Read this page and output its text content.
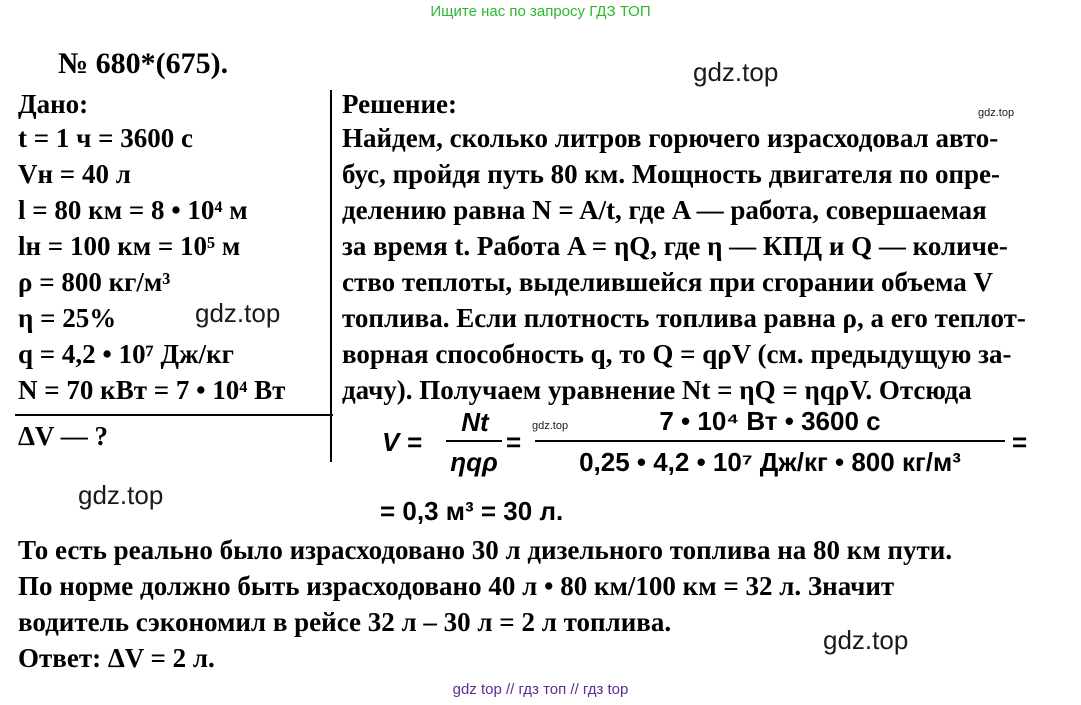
Ищите нас по запросу ГДЗ ТОП
№ 680*(675).	gdz.top
gdz.top
gdz.top
gdz.top
gdz.top
gdz.top
Дано:
t = 1 ч = 3600 с
Vн = 40 л
l = 80 км = 8 • 10⁴ м
lн = 100 км = 10⁵ м
ρ = 800 кг/м³
η = 25%
q = 4,2 • 10⁷ Дж/кг
N = 70 кВт = 7 • 10⁴ Вт
ΔV — ?
Решение:
Найдем, сколько литров горючего израсходовал авто-
бус, пройдя путь 80 км. Мощность двигателя по опре-
делению равна N = A/t, где A — работа, совершаемая
за время t. Работа A = ηQ, где η — КПД и Q — количе-
ство теплоты, выделившейся при сгорании объема V
топлива. Если плотность топлива равна ρ, а его теплот-
ворная способность q, то Q = qρV (см. предыдущую за-
дачу). Получаем уравнение Nt = ηQ = ηqρV. Отсюда
V =
Nt
ηqρ
=
7 • 10⁴ Вт • 3600 с
0,25 • 4,2 • 10⁷ Дж/кг • 800 кг/м³
=
= 0,3 м³ = 30 л.
То есть реально было израсходовано 30 л дизельного топлива на 80 км пути.
По норме должно быть израсходовано 40 л • 80 км/100 км = 32 л. Значит
водитель сэкономил в рейсе 32 л – 30 л = 2 л топлива.
Ответ: ΔV = 2 л.
gdz top // гдз топ // гдз top
